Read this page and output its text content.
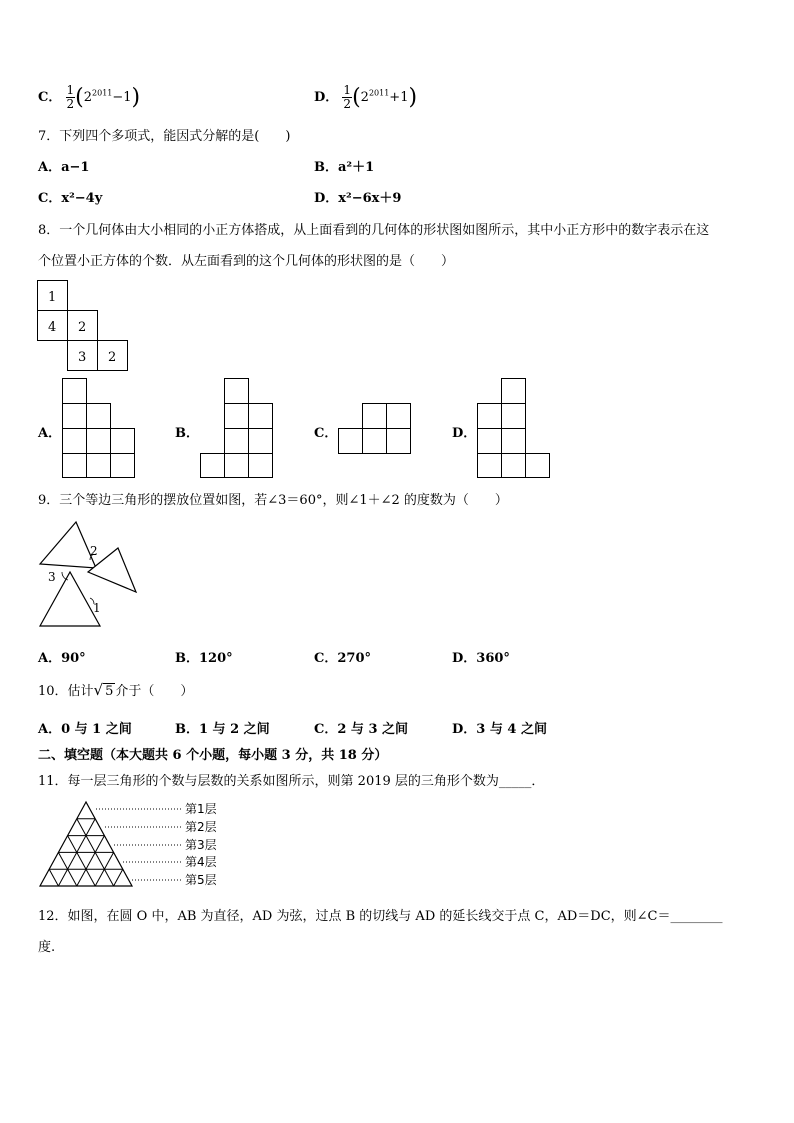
C． $\frac{1}{2} (2^{2011}-1)$	D． $\frac{1}{2} (2^{2011}+1)$
7．下列四个多项式，能因式分解的是(　　)
A．a−1	B．a²＋1
C．x²−4y	D．x²−6x＋9
8．一个几何体由大小相同的小正方体搭成，从上面看到的几何体的形状图如图所示，其中小正方形中的数字表示在这
个位置小正方体的个数．从左面看到的这个几何体的形状图的是（　　）
1
4 2
3 2
A．	B．	C．	D．
9．三个等边三角形的摆放位置如图，若∠3＝60°，则∠1＋∠2 的度数为（　　）
2
3
1
A．90°	B．120°	C．270°	D．360°
10．估计√ 5 介于（　　）
A．0 与 1 之间	B．1 与 2 之间	C．2 与 3 之间	D．3 与 4 之间
二、填空题（本大题共 6 个小题，每小题 3 分，共 18 分）
11．每一层三角形的个数与层数的关系如图所示，则第 2019 层的三角形个数为_____．
第1层
第2层
第3层
第4层
第5层
12．如图，在圆 O 中，AB 为直径，AD 为弦，过点 B 的切线与 AD 的延长线交于点 C，AD＝DC，则∠C＝________
度.
